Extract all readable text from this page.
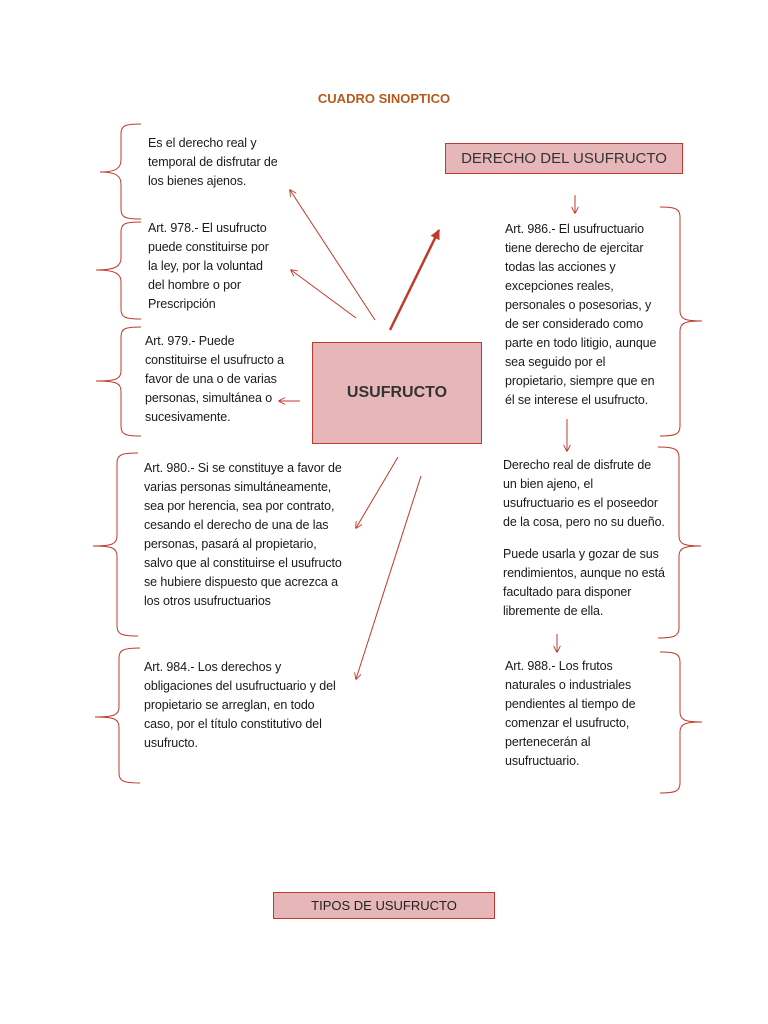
CUADRO SINOPTICO
DERECHO DEL USUFRUCTO
USUFRUCTO
TIPOS DE USUFRUCTO
Es el derecho real y
temporal de disfrutar de
los bienes ajenos.
Art. 978.- El usufructo
puede constituirse por
la ley, por la voluntad
del hombre o por
Prescripción
Art. 979.- Puede
constituirse el usufructo a
favor de una o de varias
personas, simultánea o
sucesivamente.
Art. 980.- Si se constituye a favor de
varias personas simultáneamente,
sea por herencia, sea por contrato,
cesando el derecho de una de las
personas, pasará al propietario,
salvo que al constituirse el usufructo
se hubiere dispuesto que acrezca a
los otros usufructuarios
Art. 984.- Los derechos y
obligaciones del usufructuario y del
propietario se arreglan, en todo
caso, por el título constitutivo del
usufructo.
Art. 986.- El usufructuario
tiene derecho de ejercitar
todas las acciones y
excepciones reales,
personales o posesorias, y
de ser considerado como
parte en todo litigio, aunque
sea seguido por el
propietario, siempre que en
él se interese el usufructo.
Derecho real de disfrute de
un bien ajeno, el
usufructuario es el poseedor
de la cosa, pero no su dueño.
Puede usarla y gozar de sus
rendimientos, aunque no está
facultado para disponer
libremente de ella.
Art. 988.- Los frutos
naturales o industriales
pendientes al tiempo de
comenzar el usufructo,
pertenecerán al
usufructuario.
